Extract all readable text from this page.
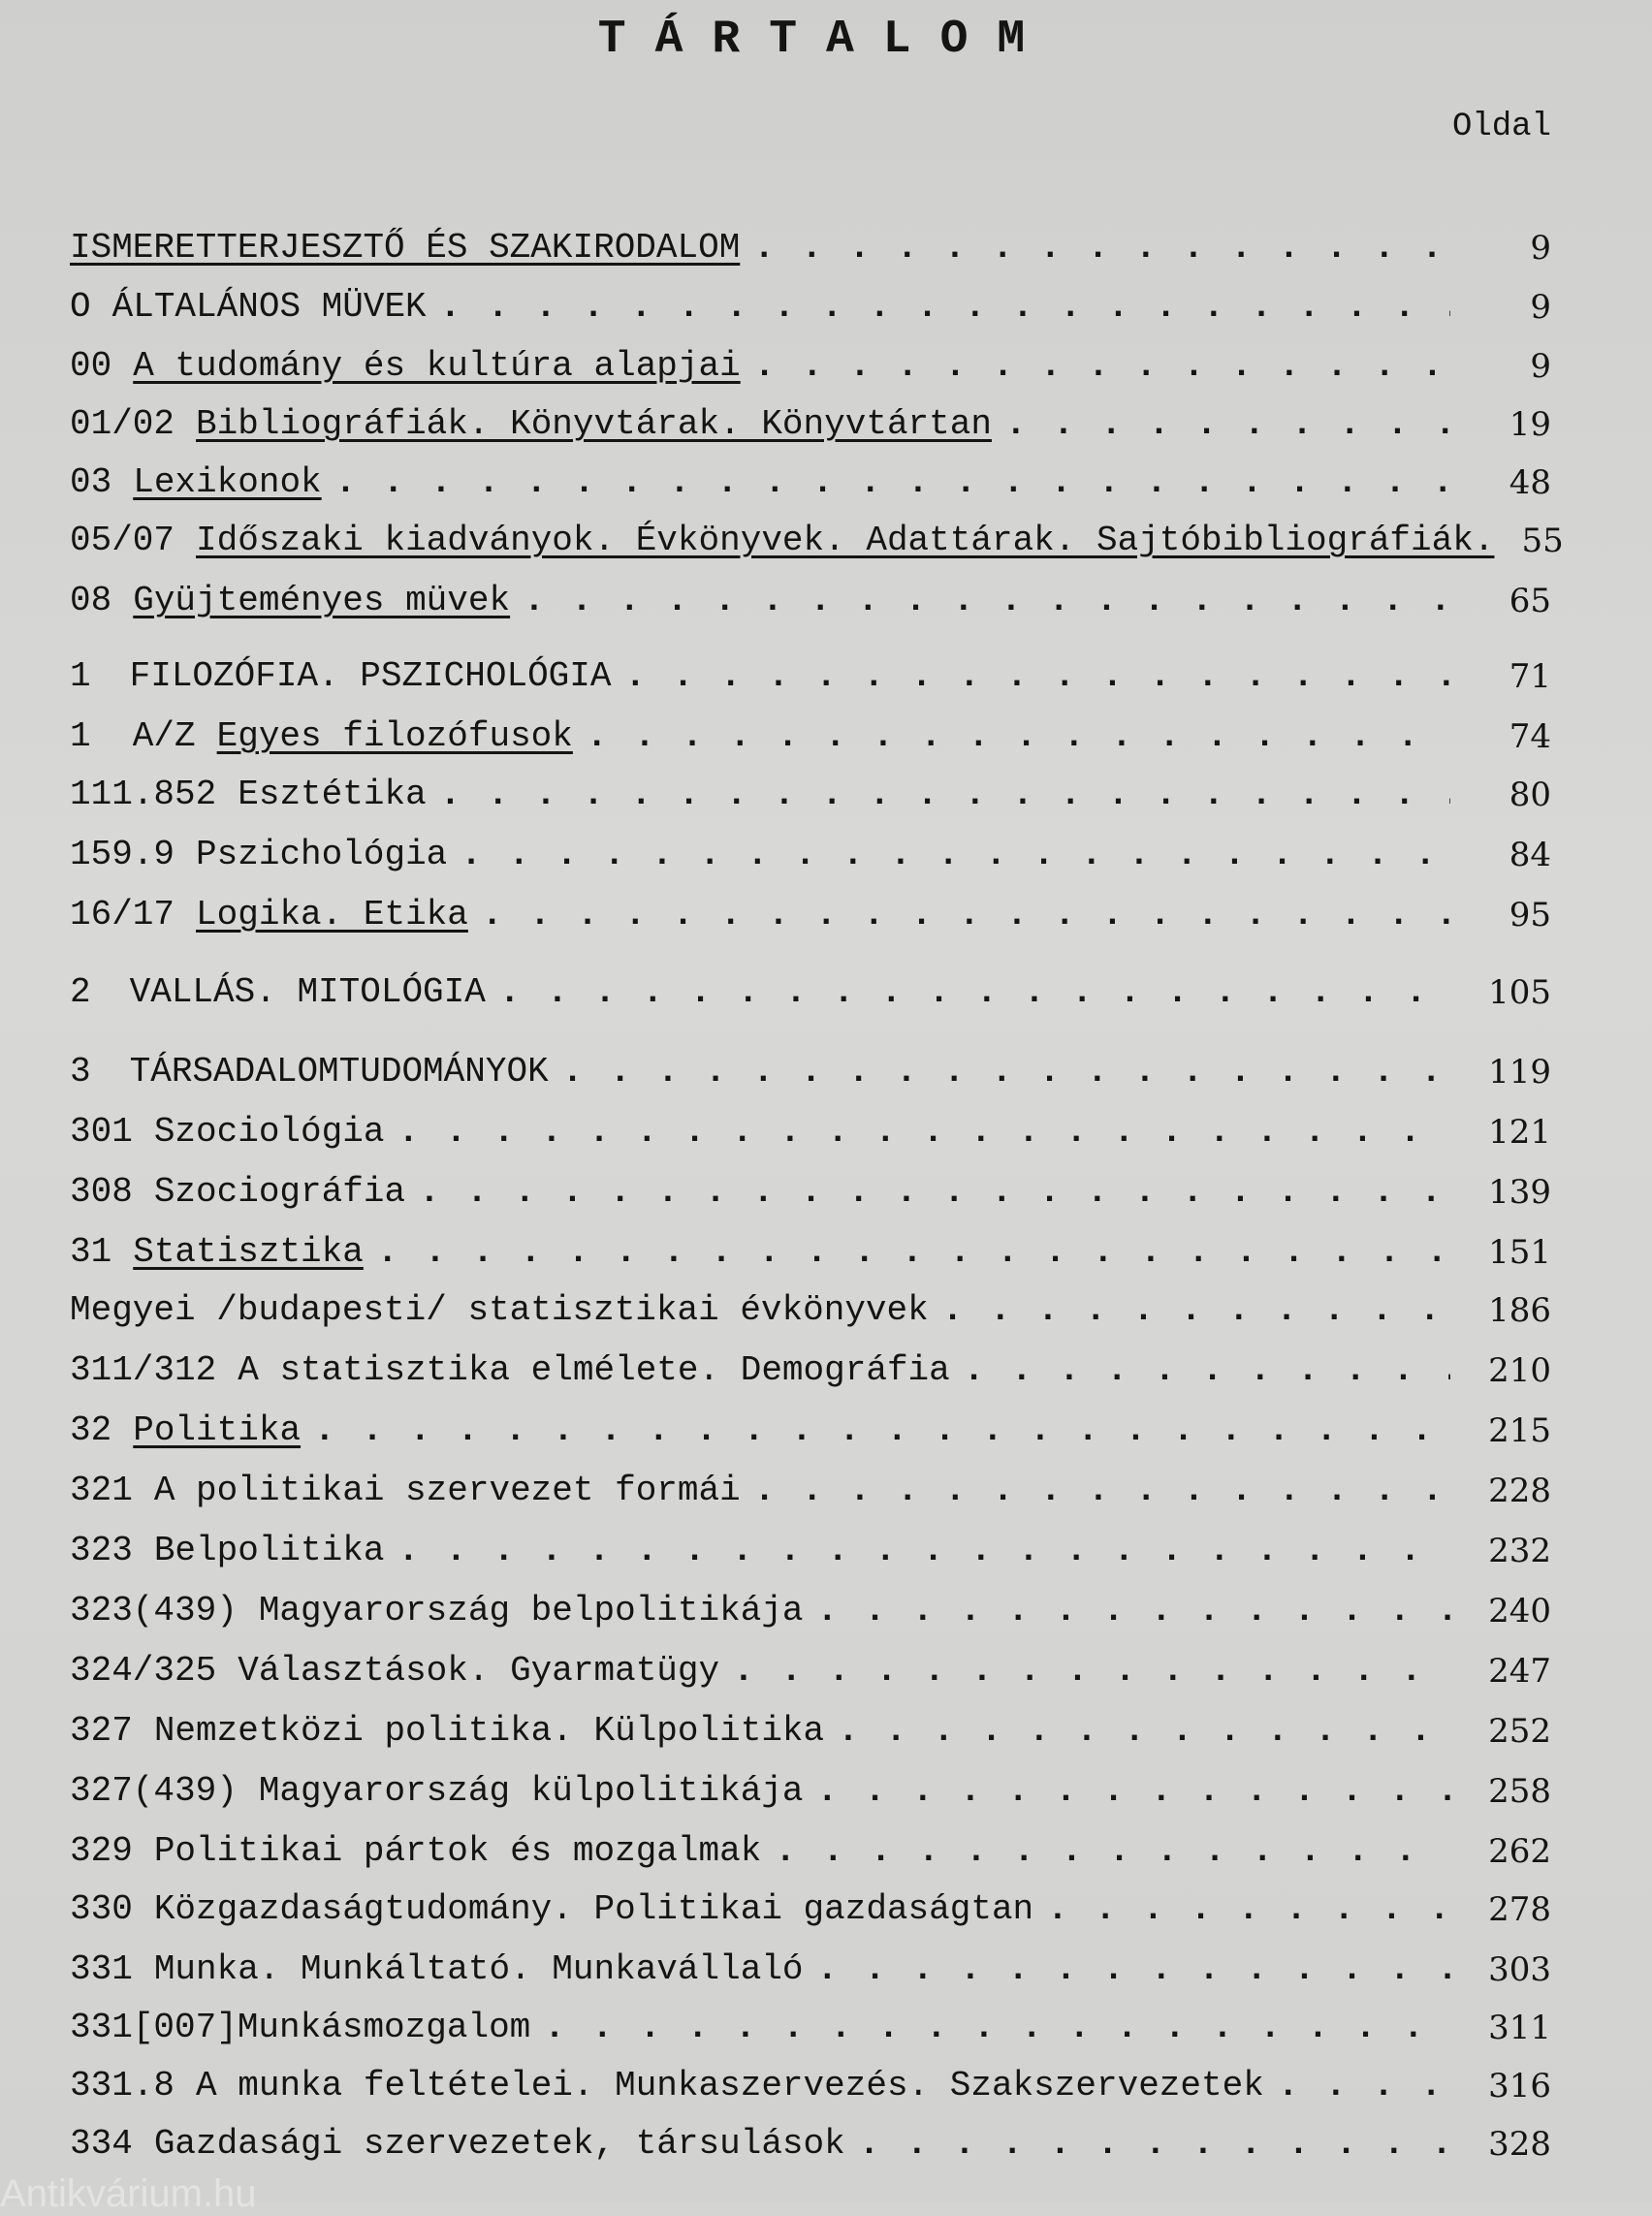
TÁRTALOM
Oldal
ISMERETTERJESZTŐ ÉS SZAKIRODALOM . . .	9
O ÁLTALÁNOS MÜVEK . . .	9
00 A tudomány és kultúra alapjai . . .	9
01/02 Bibliográfiák. Könyvtárak. Könyvtártan . . .	19
03 Lexikonok . . .	48
05/07 Időszaki kiadványok. Évkönyvek. Adattárak. Sajtóbibliográfiák. 55
08 Gyüjteményes müvek . . .	65
1 FILOZÓFIA. PSZICHOLÓGIA . . .	71
1  A/Z Egyes filozófusok . . .	74
111.852 Esztétika . . .	80
159.9 Pszichológia . . .	84
16/17 Logika. Etika . . .	95
2 VALLÁS. MITOLÓGIA . . .	105
3 TÁRSADALOMTUDOMÁNYOK . . .	119
301 Szociológia . . .	121
308 Szociográfia . . .	139
31 Statisztika . . .	151
Megyei /budapesti/ statisztikai évkönyvek . . .	186
311/312 A statisztika elmélete. Demográfia . . .	210
32 Politika . . .	215
321 A politikai szervezet formái . . .	228
323 Belpolitika . . .	232
323(439) Magyarország belpolitikája . . .	240
324/325 Választások. Gyarmatügy . . .	247
327 Nemzetközi politika. Külpolitika . . .	252
327(439) Magyarország külpolitikája . . .	258
329 Politikai pártok és mozgalmak . . .	262
330 Közgazdaságtudomány. Politikai gazdaságtan . . .	278
331 Munka. Munkáltató. Munkavállaló . . .	303
331[007] Munkásmozgalom . . .	311
331.8 A munka feltételei. Munkaszervezés. Szakszervezetek . . .	316
334 Gazdasági szervezetek, társulások . . .	328
Antikvárium.hu
